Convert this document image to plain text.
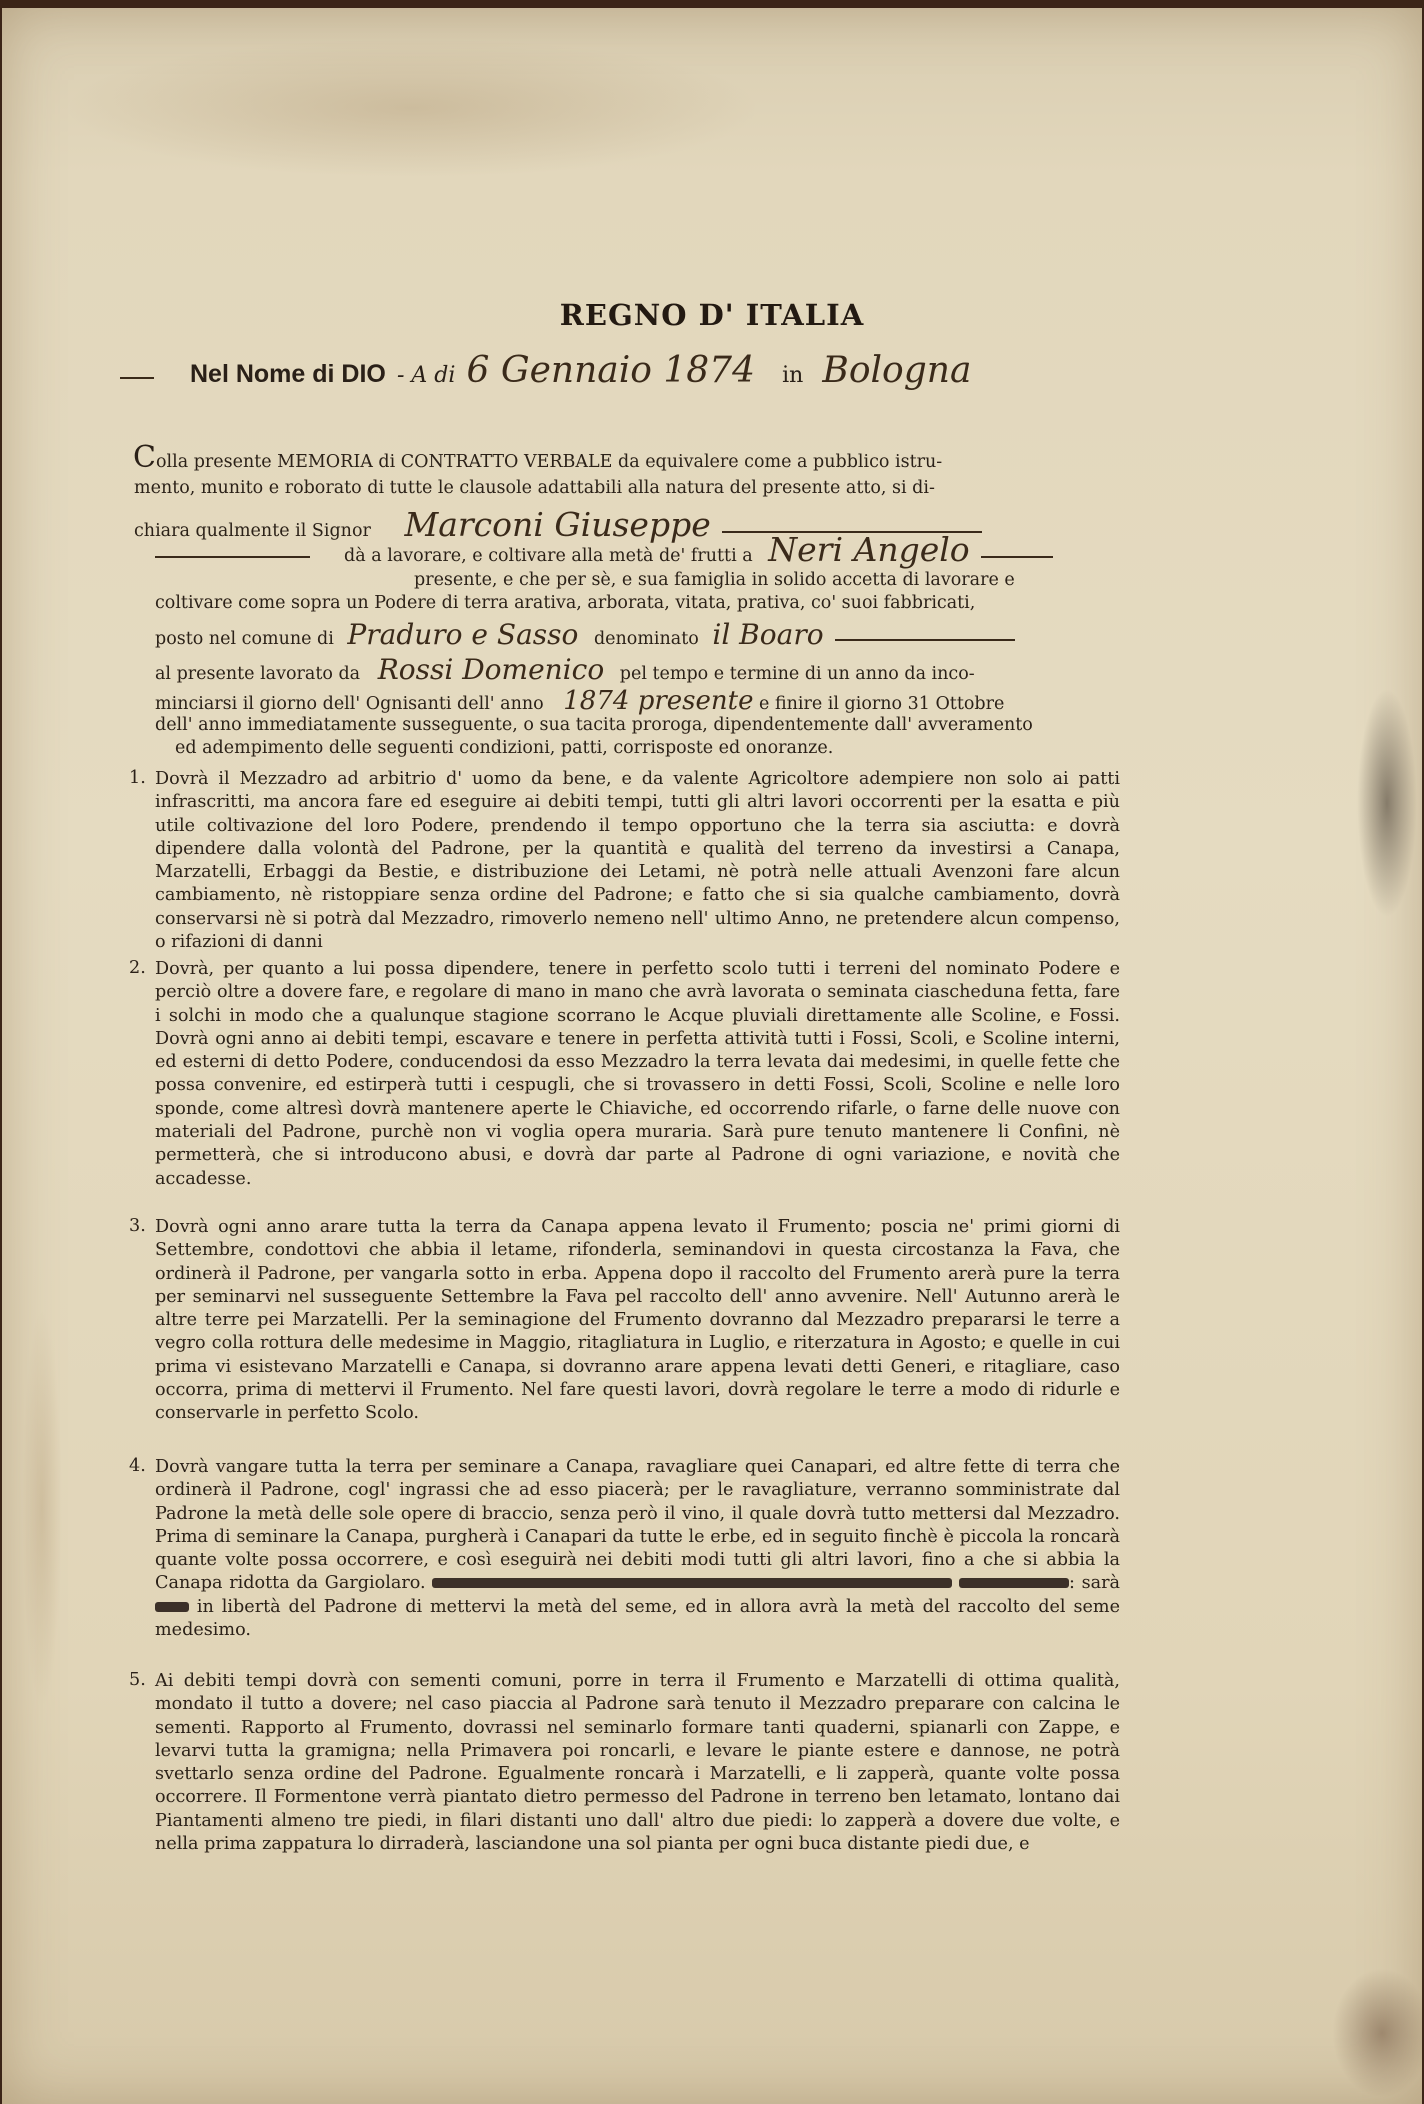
REGNO D' ITALIA
Nel Nome di DIO - A di 6 Gennaio 1874 in Bologna
Colla presente MEMORIA di CONTRATTO VERBALE da equivalere come a pubblico istru-
mento, munito e roborato di tutte le clausole adattabili alla natura del presente atto, si di-
chiara qualmente il Signor Marconi Giuseppe
dà a lavorare, e coltivare alla metà de' frutti a Neri Angelo
presente, e che per sè, e sua famiglia in solido accetta di lavorare e
coltivare come sopra un Podere di terra arativa, arborata, vitata, prativa, co' suoi fabbricati,
posto nel comune di Praduro e Sasso denominato il Boaro
al presente lavorato da Rossi Domenico pel tempo e termine di un anno da inco-
minciarsi il giorno dell' Ognisanti dell' anno 1874 presente e finire il giorno 31 Ottobre
dell' anno immediatamente susseguente, o sua tacita proroga, dipendentemente dall' avveramento
ed adempimento delle seguenti condizioni, patti, corrisposte ed onoranze.
1. Dovrà il Mezzadro ad arbitrio d' uomo da bene, e da valente Agricoltore adempiere non solo ai patti infrascritti, ma ancora fare ed eseguire ai debiti tempi, tutti gli altri lavori occorrenti per la esatta e più utile coltivazione del loro Podere, prendendo il tempo opportuno che la terra sia asciutta: e dovrà dipendere dalla volontà del Padrone, per la quantità e qualità del terreno da investirsi a Canapa, Marzatelli, Erbaggi da Bestie, e distribuzione dei Letami, nè potrà nelle attuali Avenzoni fare alcun cambiamento, nè ristoppiare senza ordine del Padrone; e fatto che si sia qualche cambiamento, dovrà conservarsi nè si potrà dal Mezzadro, rimoverlo nemeno nell' ultimo Anno, ne pretendere alcun compenso, o rifazioni di danni

2. Dovrà, per quanto a lui possa dipendere, tenere in perfetto scolo tutti i terreni del nominato Podere e perciò oltre a dovere fare, e regolare di mano in mano che avrà lavorata o seminata ciascheduna fetta, fare i solchi in modo che a qualunque stagione scorrano le Acque pluviali direttamente alle Scoline, e Fossi. Dovrà ogni anno ai debiti tempi, escavare e tenere in perfetta attività tutti i Fossi, Scoli, e Scoline interni, ed esterni di detto Podere, conducendosi da esso Mezzadro la terra levata dai medesimi, in quelle fette che possa convenire, ed estirperà tutti i cespugli, che si trovassero in detti Fossi, Scoli, Scoline e nelle loro sponde, come altresì dovrà mantenere aperte le Chiaviche, ed occorrendo rifarle, o farne delle nuove con materiali del Padrone, purchè non vi voglia opera muraria. Sarà pure tenuto mantenere li Confini, nè permetterà, che si introducono abusi, e dovrà dar parte al Padrone di ogni variazione, e novità che accadesse.

3. Dovrà ogni anno arare tutta la terra da Canapa appena levato il Frumento; poscia ne' primi giorni di Settembre, condottovi che abbia il letame, rifonderla, seminandovi in questa circostanza la Fava, che ordinerà il Padrone, per vangarla sotto in erba. Appena dopo il raccolto del Frumento arerà pure la terra per seminarvi nel susseguente Settembre la Fava pel raccolto dell' anno avvenire. Nell' Autunno arerà le altre terre pei Marzatelli. Per la seminagione del Frumento dovranno dal Mezzadro prepararsi le terre a vegro colla rottura delle medesime in Maggio, ritagliatura in Luglio, e riterzatura in Agosto; e quelle in cui prima vi esistevano Marzatelli e Canapa, si dovranno arare appena levati detti Generi, e ritagliare, caso occorra, prima di mettervi il Frumento. Nel fare questi lavori, dovrà regolare le terre a modo di ridurle e conservarle in perfetto Scolo.

4. Dovrà vangare tutta la terra per seminare a Canapa, ravagliare quei Canapari, ed altre fette di terra che ordinerà il Padrone, cogl' ingrassi che ad esso piacerà; per le ravagliature, verranno somministrate dal Padrone la metà delle sole opere di braccio, senza però il vino, il quale dovrà tutto mettersi dal Mezzadro. Prima di seminare la Canapa, purgherà i Canapari da tutte le erbe, ed in seguito finchè è piccola la roncarà quante volte possa occorrere, e così eseguirà nei debiti modi tutti gli altri lavori, fino a che si abbia la Canapa ridotta da Gargiolaro.	: sarà  in libertà del Padrone di mettervi la metà del seme, ed in allora avrà la metà del raccolto del seme medesimo.

5. Ai debiti tempi dovrà con sementi comuni, porre in terra il Frumento e Marzatelli di ottima qualità, mondato il tutto a dovere; nel caso piaccia al Padrone sarà tenuto il Mezzadro preparare con calcina le sementi. Rapporto al Frumento, dovrassi nel seminarlo formare tanti quaderni, spianarli con Zappe, e levarvi tutta la gramigna; nella Primavera poi roncarli, e levare le piante estere e dannose, ne potrà svettarlo senza ordine del Padrone. Egualmente roncarà i Marzatelli, e li zapperà, quante volte possa occorrere. Il Formentone verrà piantato dietro permesso del Padrone in terreno ben letamato, lontano dai Piantamenti almeno tre piedi, in filari distanti uno dall' altro due piedi: lo zapperà a dovere due volte, e nella prima zappatura lo dirraderà, lasciandone una sol pianta per ogni buca distante piedi due, e
